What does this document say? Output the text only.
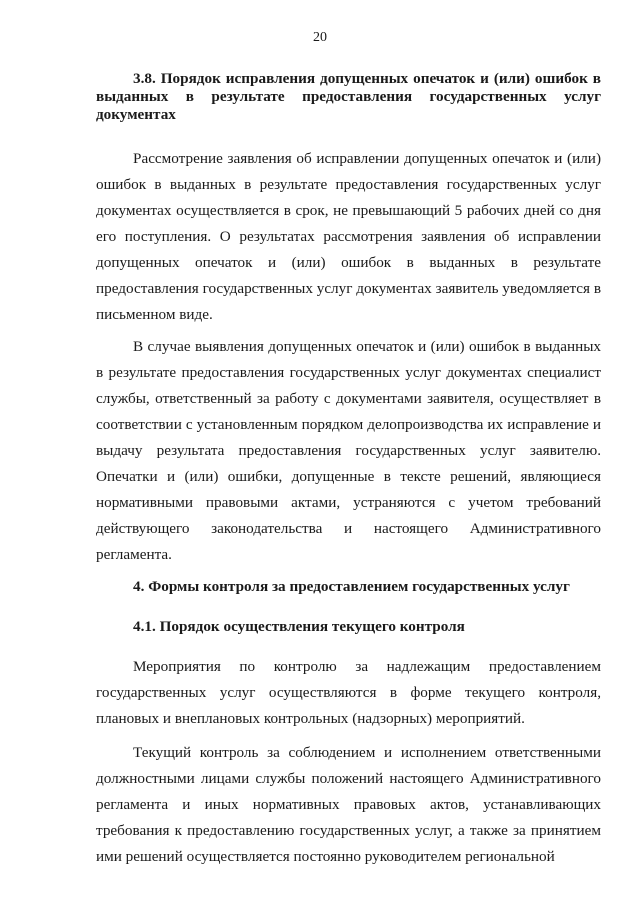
20

3.8. Порядок исправления допущенных опечаток и (или) ошибок в выданных в результате предоставления государственных услуг документах

Рассмотрение заявления об исправлении допущенных опечаток и (или) ошибок в выданных в результате предоставления государственных услуг документах осуществляется в срок, не превышающий 5 рабочих дней со дня его поступления. О результатах рассмотрения заявления об исправлении допущенных опечаток и (или) ошибок в выданных в результате предоставления государственных услуг документах заявитель уведомляется в письменном виде.

В случае выявления допущенных опечаток и (или) ошибок в выданных в результате предоставления государственных услуг документах специалист службы, ответственный за работу с документами заявителя, осуществляет в соответствии с установленным порядком делопроизводства их исправление и выдачу результата предоставления государственных услуг заявителю. Опечатки и (или) ошибки, допущенные в тексте решений, являющиеся нормативными правовыми актами, устраняются с учетом требований действующего законодательства и настоящего Административного регламента.

4. Формы контроля за предоставлением государственных услуг

4.1. Порядок осуществления текущего контроля

Мероприятия по контролю за надлежащим предоставлением государственных услуг осуществляются в форме текущего контроля, плановых и внеплановых контрольных (надзорных) мероприятий.

Текущий контроль за соблюдением и исполнением ответственными должностными лицами службы положений настоящего Административного регламента и иных нормативных правовых актов, устанавливающих требования к предоставлению государственных услуг, а также за принятием ими решений осуществляется постоянно руководителем региональной
